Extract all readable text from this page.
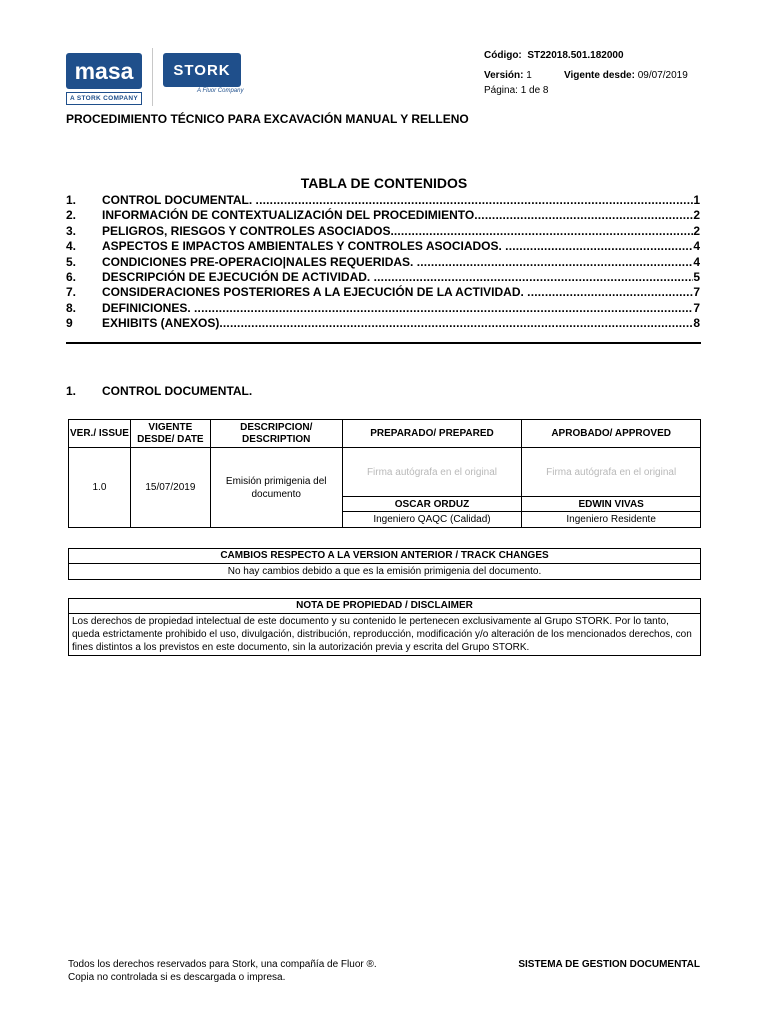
masa
A STORK COMPANY
STORK
A Fluor Company
Código: ST22018.501.182000
Versión: 1	Vigente desde: 09/07/2019
Página: 1 de 8
PROCEDIMIENTO TÉCNICO PARA EXCAVACIÓN MANUAL Y RELLENO
TABLA DE CONTENIDOS
1.	CONTROL DOCUMENTAL. .....	1
2.	INFORMACIÓN DE CONTEXTUALIZACIÓN DEL PROCEDIMIENTO .....	2
3.	PELIGROS, RIESGOS Y CONTROLES ASOCIADOS. .....	2
4.	ASPECTOS E IMPACTOS AMBIENTALES Y CONTROLES ASOCIADOS. .....	4
5.	CONDICIONES PRE-OPERACIO|NALES REQUERIDAS. .....	4
6.	DESCRIPCIÓN DE EJECUCIÓN DE ACTIVIDAD. .....	5
7.	CONSIDERACIONES POSTERIORES A LA EJECUCIÓN DE LA ACTIVIDAD. .....	7
8.	DEFINICIONES. .....	7
9	EXHIBITS (ANEXOS) .....	8
1. CONTROL DOCUMENTAL.
VER./ ISSUE	VIGENTE DESDE/ DATE	DESCRIPCION/ DESCRIPTION	PREPARADO/ PREPARED	APROBADO/ APPROVED
1.0	15/07/2019	Emisión primigenia del documento	Firma autógrafa en el original	Firma autógrafa en el original
			OSCAR ORDUZ	EDWIN VIVAS
			Ingeniero QAQC (Calidad)	Ingeniero Residente
CAMBIOS RESPECTO A LA VERSION ANTERIOR / TRACK CHANGES
No hay cambios debido a que es la emisión primigenia del documento.
NOTA DE PROPIEDAD / DISCLAIMER
Los derechos de propiedad intelectual de este documento y su contenido le pertenecen exclusivamente al Grupo STORK. Por lo tanto, queda estrictamente prohibido el uso, divulgación, distribución, reproducción, modificación y/o alteración de los mencionados derechos, con fines distintos a los previstos en este documento, sin la autorización previa y escrita del Grupo STORK.
Todos los derechos reservados para Stork, una compañía de Fluor ®.
Copia no controlada si es descargada o impresa.
SISTEMA DE GESTION DOCUMENTAL
